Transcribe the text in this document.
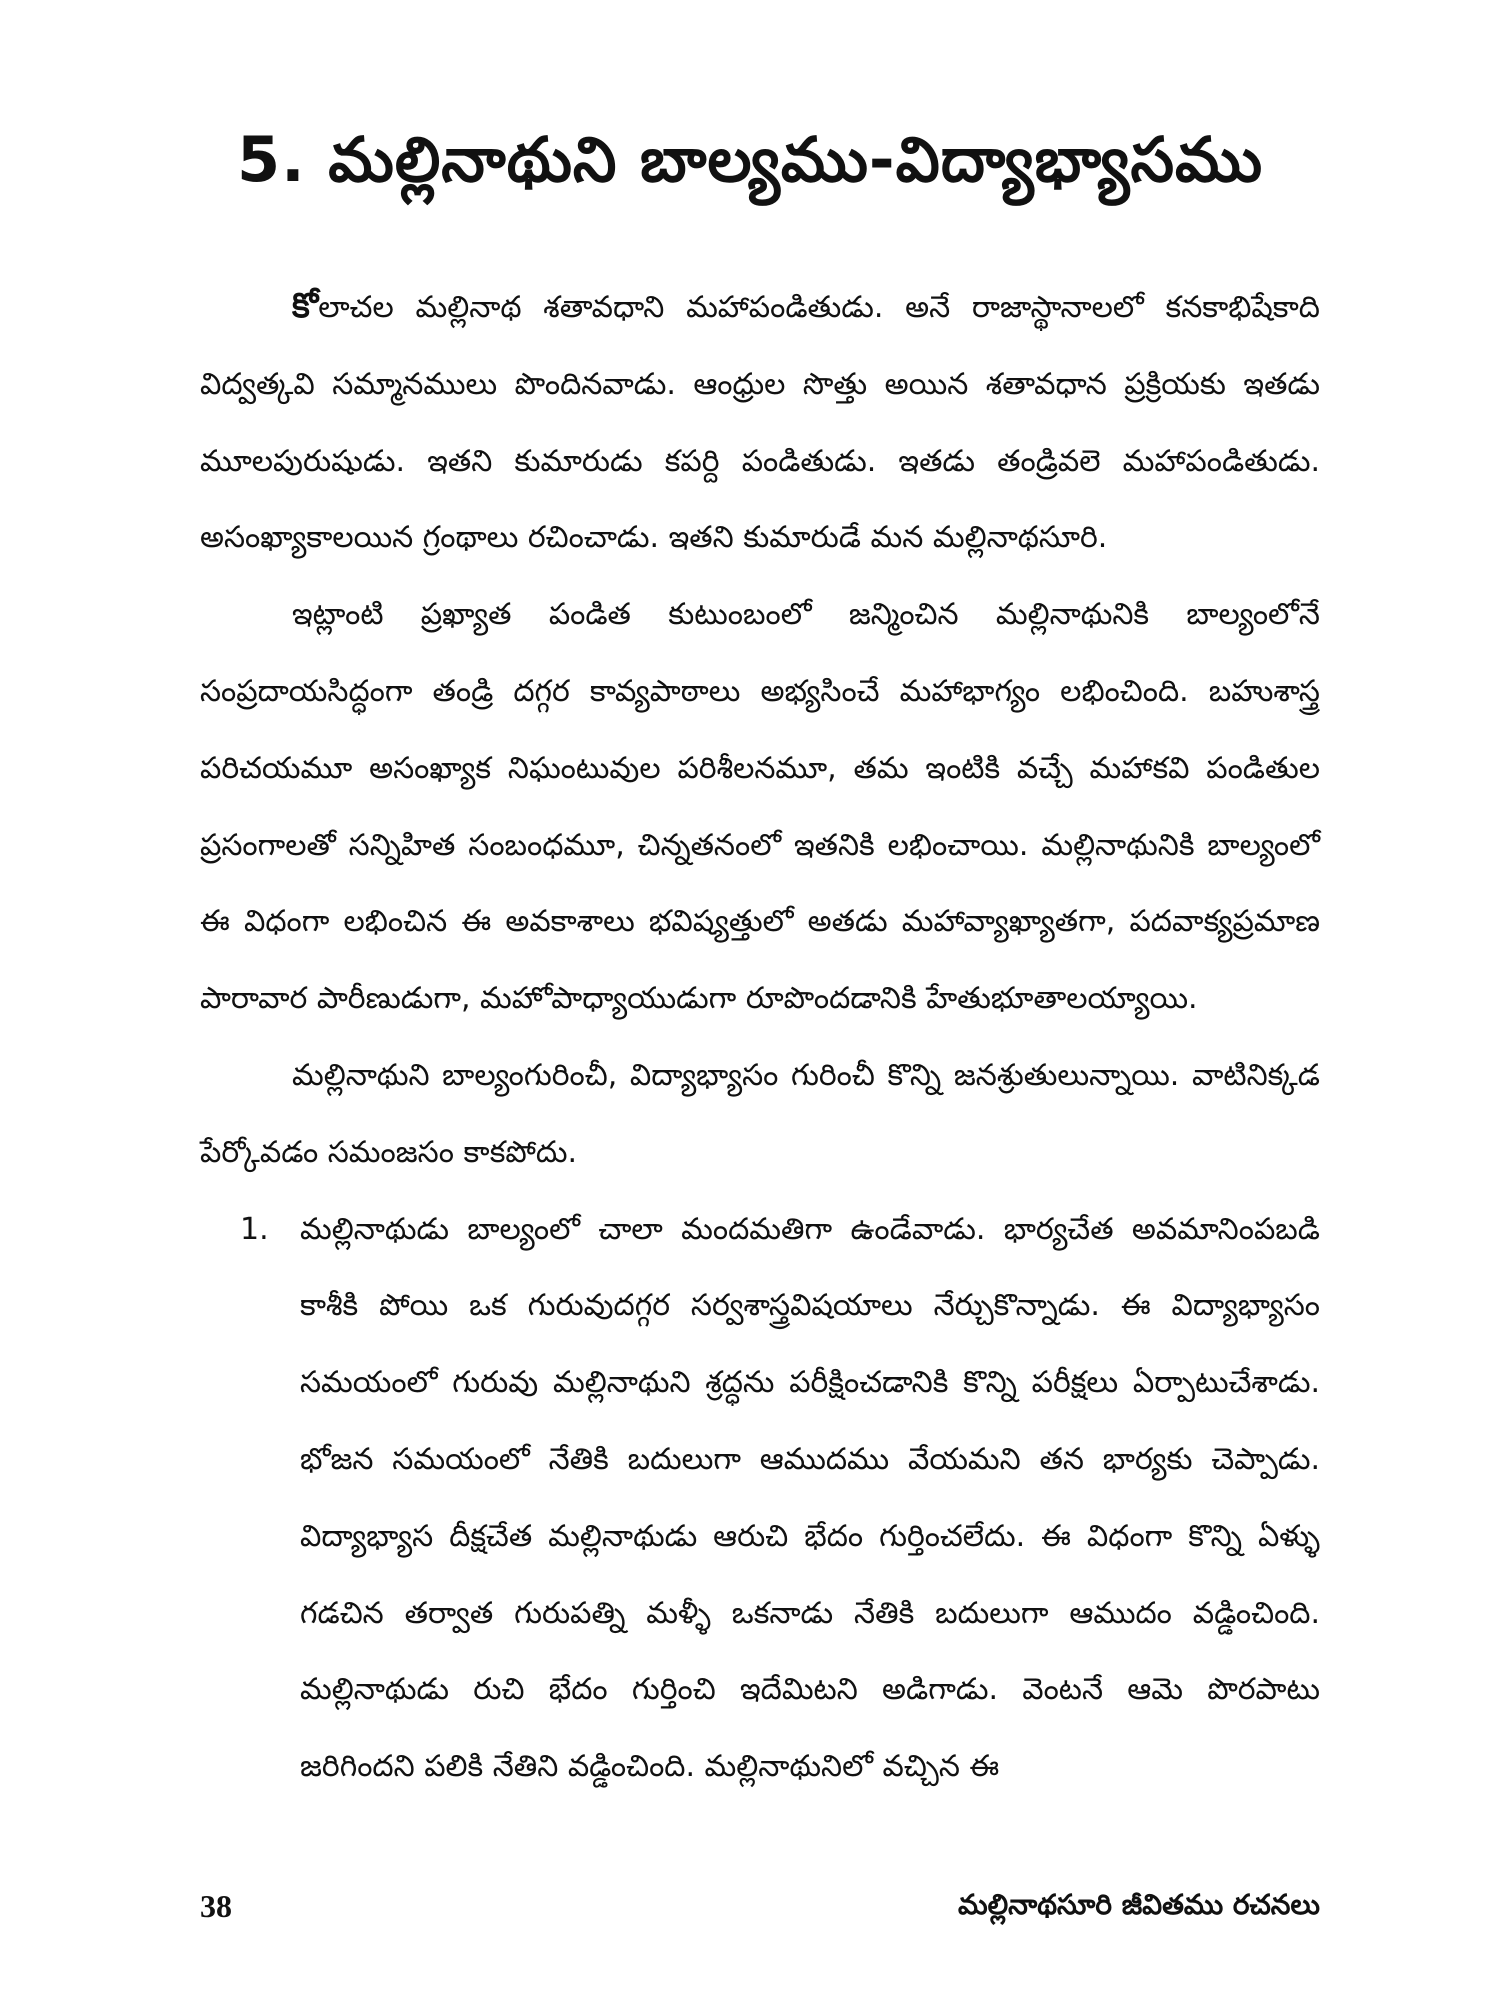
5. మల్లినాథుని బాల్యము-విద్యాభ్యాసము

కోలాచల మల్లినాథ శతావధాని మహాపండితుడు. అనే రాజాస్థానాలలో కనకాభిషేకాది విద్వత్కవి సమ్మానములు పొందినవాడు. ఆంధ్రుల సొత్తు అయిన శతావధాన ప్రక్రియకు ఇతడు మూలపురుషుడు. ఇతని కుమారుడు కపర్ది పండితుడు. ఇతడు తండ్రివలె మహాపండితుడు. అసంఖ్యాకాలయిన గ్రంథాలు రచించాడు. ఇతని కుమారుడే మన మల్లినాథసూరి.

ఇట్లాంటి ప్రఖ్యాత పండిత కుటుంబంలో జన్మించిన మల్లినాథునికి బాల్యంలోనే సంప్రదాయసిద్ధంగా తండ్రి దగ్గర కావ్యపాఠాలు అభ్యసించే మహాభాగ్యం లభించింది. బహుశాస్త్ర పరిచయమూ అసంఖ్యాక నిఘంటువుల పరిశీలనమూ, తమ ఇంటికి వచ్చే మహాకవి పండితుల ప్రసంగాలతో సన్నిహిత సంబంధమూ, చిన్నతనంలో ఇతనికి లభించాయి. మల్లినాథునికి బాల్యంలో ఈ విధంగా లభించిన ఈ అవకాశాలు భవిష్యత్తులో అతడు మహావ్యాఖ్యాతగా, పదవాక్యప్రమాణ పారావార పారీణుడుగా, మహోపాధ్యాయుడుగా రూపొందడానికి హేతుభూతాలయ్యాయి.

మల్లినాథుని బాల్యంగురించీ, విద్యాభ్యాసం గురించీ కొన్ని జనశ్రుతులున్నాయి. వాటినిక్కడ పేర్కోవడం సమంజసం కాకపోదు.

1. మల్లినాథుడు బాల్యంలో చాలా మందమతిగా ఉండేవాడు. భార్యచేత అవమానింపబడి కాశీకి పోయి ఒక గురువుదగ్గర సర్వశాస్త్రవిషయాలు నేర్చుకొన్నాడు. ఈ విద్యాభ్యాసం సమయంలో గురువు మల్లినాథుని శ్రద్ధను పరీక్షించడానికి కొన్ని పరీక్షలు ఏర్పాటుచేశాడు. భోజన సమయంలో నేతికి బదులుగా ఆముదము వేయమని తన భార్యకు చెప్పాడు. విద్యాభ్యాస దీక్షచేత మల్లినాథుడు ఆరుచి భేదం గుర్తించలేదు. ఈ విధంగా కొన్ని ఏళ్ళు గడచిన తర్వాత గురుపత్ని మళ్ళీ ఒకనాడు నేతికి బదులుగా ఆముదం వడ్డించింది. మల్లినాథుడు రుచి భేదం గుర్తించి ఇదేమిటని అడిగాడు. వెంటనే ఆమె పొరపాటు జరిగిందని పలికి నేతిని వడ్డించింది. మల్లినాథునిలో వచ్చిన ఈ
38	మల్లినాథసూరి జీవితము రచనలు
